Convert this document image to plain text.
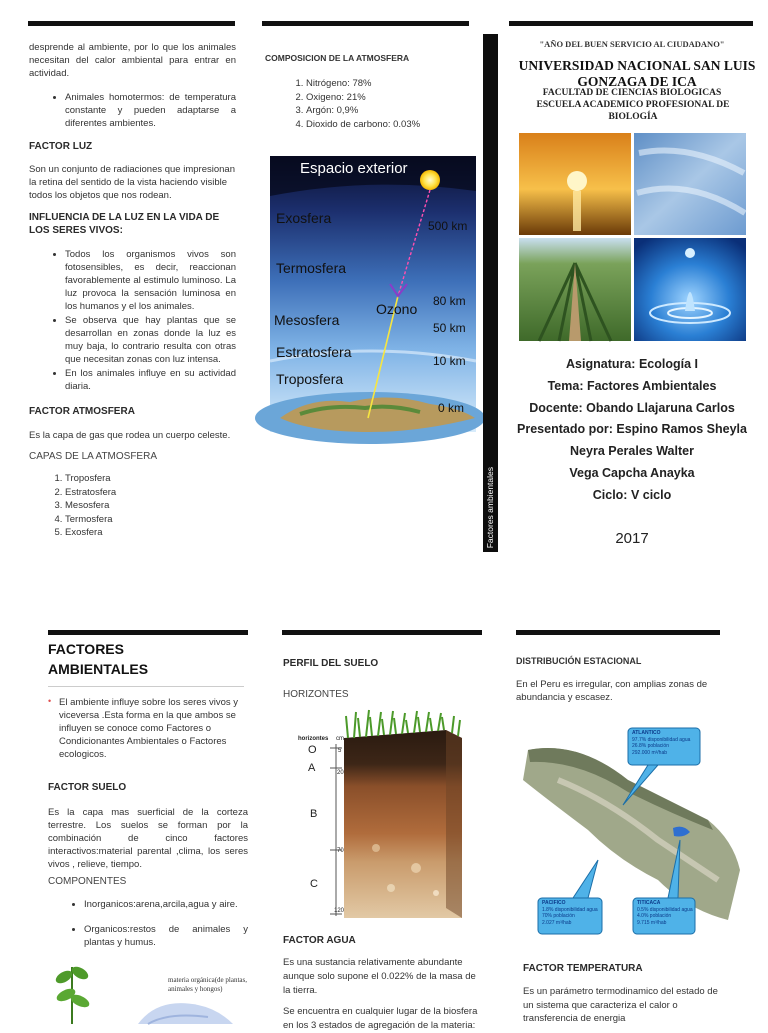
desprende al ambiente, por lo que los animales necesitan del calor ambiental para entrar en actividad.
• Animales homotermos: de temperatura constante y pueden adaptarse a diferentes ambientes.
FACTOR LUZ
Son un conjunto de radiaciones que impresionan la retina del sentido de la vista haciendo visible todos los objetos que nos rodean.
INFLUENCIA DE LA LUZ EN LA VIDA DE LOS SERES VIVOS:
• Todos los organismos vivos son fotosensibles, es decir, reaccionan favorablemente al estimulo luminoso. La luz provoca la sensación luminosa en los humanos y el los animales.
• Se observa que hay plantas que se desarrollan en zonas donde la luz es muy baja, lo contrario resulta con otras que necesitan zonas con luz intensa.
• En los animales influye en su actividad diaria.
FACTOR ATMOSFERA
Es la capa de gas que rodea un cuerpo celeste.
CAPAS DE LA ATMOSFERA
1. Troposfera
2. Estratosfera
3. Mesosfera
4. Termosfera
5. Exosfera
COMPOSICION DE LA ATMOSFERA
1. Nitrógeno: 78%
2. Oxigeno: 21%
3. Argón: 0,9%
4. Dioxido de carbono: 0.03%
Espacio exterior
Exosfera
Termosfera
Mesosfera
Estratosfera
Troposfera
Ozono
500 km
80 km
50 km
10 km
0 km
Factores ambientales
"AÑO DEL BUEN SERVICIO AL CIUDADANO"
UNIVERSIDAD NACIONAL SAN LUIS GONZAGA DE ICA
FACULTAD DE CIENCIAS BIOLOGICAS
ESCUELA ACADEMICO PROFESIONAL DE BIOLOGÍA
Asignatura: Ecología I
Tema: Factores Ambientales
Docente: Obando Llajaruna Carlos
Presentado por: Espino Ramos Sheyla
Neyra Perales Walter
Vega Capcha Anayka
Ciclo: V ciclo
2017
FACTORES
AMBIENTALES
• El ambiente influye sobre los seres vivos y viceversa .Esta forma en la que ambos se influyen se conoce como Factores o Condicionantes Ambientales o Factores ecologicos.
FACTOR SUELO
Es la capa mas suerficial de la corteza terrestre. Los suelos se forman por la combinación de cinco factores interactivos:material parental ,clima, los seres vivos , relieve, tiempo.
COMPONENTES
• Inorganicos:arena,arcila,agua y aire.
• Organicos:restos de animales y plantas y humus.
materia orgánica(de plantas, animales y hongos)
PERFIL DEL SUELO
HORIZONTES
horizontes cm
O
A
B
C
5
20
70
120
FACTOR AGUA
Es una sustancia relativamente abundante aunque solo supone el 0.022% de la masa de la tierra.
Se encuentra en cualquier lugar de la biosfera en los 3 estados de agregación de la materia:
DISTRIBUCIÓN ESTACIONAL
En el Peru es irregular, con amplias zonas de abundancia y escasez.
ATLANTICO
97.7% disponibilidad agua
26.8% población
292.000 m³/hab
PACIFICO
1.8% disponibilidad agua
70% población
2.027 m³/hab
TITICACA
0.5% disponibilidad agua
4.0% población
9.715 m³/hab
FACTOR TEMPERATURA
Es un parámetro termodinamico del estado de un sistema que caracteriza el calor o transferencia de energia
